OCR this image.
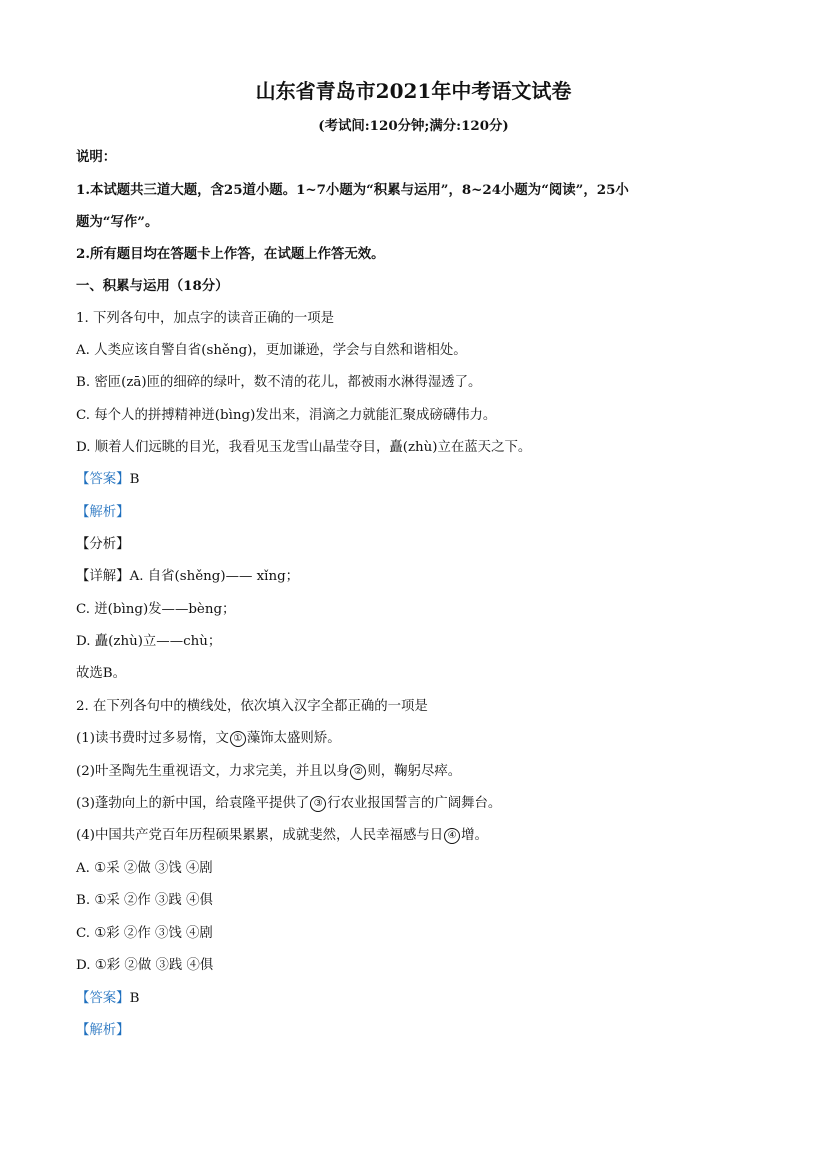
山东省青岛市2021年中考语文试卷
(考试间:120分钟;满分:120分)
说明：
1.本试题共三道大题，含25道小题。1~7小题为“积累与运用”，8~24小题为“阅读”，25小
题为“写作”。
2.所有题目均在答题卡上作答，在试题上作答无效。
一、积累与运用（18分）
1. 下列各句中，加点字的读音正确的一项是
A. 人类应该自警自省(shěng)，更加谦逊，学会与自然和谐相处。
B. 密匝(zā)匝的细碎的绿叶，数不清的花儿，都被雨水淋得湿透了。
C. 每个人的拼搏精神迸(bìng)发出来，涓滴之力就能汇聚成磅礴伟力。
D. 顺着人们远眺的目光，我看见玉龙雪山晶莹夺目，矗(zhù)立在蓝天之下。
【答案】B
【解析】
【分析】
【详解】A. 自省(shěng)—— xǐng；
C. 迸(bìng)发——bèng；
D. 矗(zhù)立——chù；
故选B。
2. 在下列各句中的横线处，依次填入汉字全都正确的一项是
(1)读书费时过多易惰，文 ① 藻饰太盛则矫。
(2)叶圣陶先生重视语文，力求完美，并且以身 ② 则，鞠躬尽瘁。
(3)蓬勃向上的新中国，给袁隆平提供了 ③ 行农业报国誓言的广阔舞台。
(4)中国共产党百年历程硕果累累，成就斐然，人民幸福感与日 ④ 增。
A. ①采 ②做 ③饯 ④剧
B. ①采 ②作 ③践 ④俱
C. ①彩 ②作 ③饯 ④剧
D. ①彩 ②做 ③践 ④俱
【答案】B
【解析】
